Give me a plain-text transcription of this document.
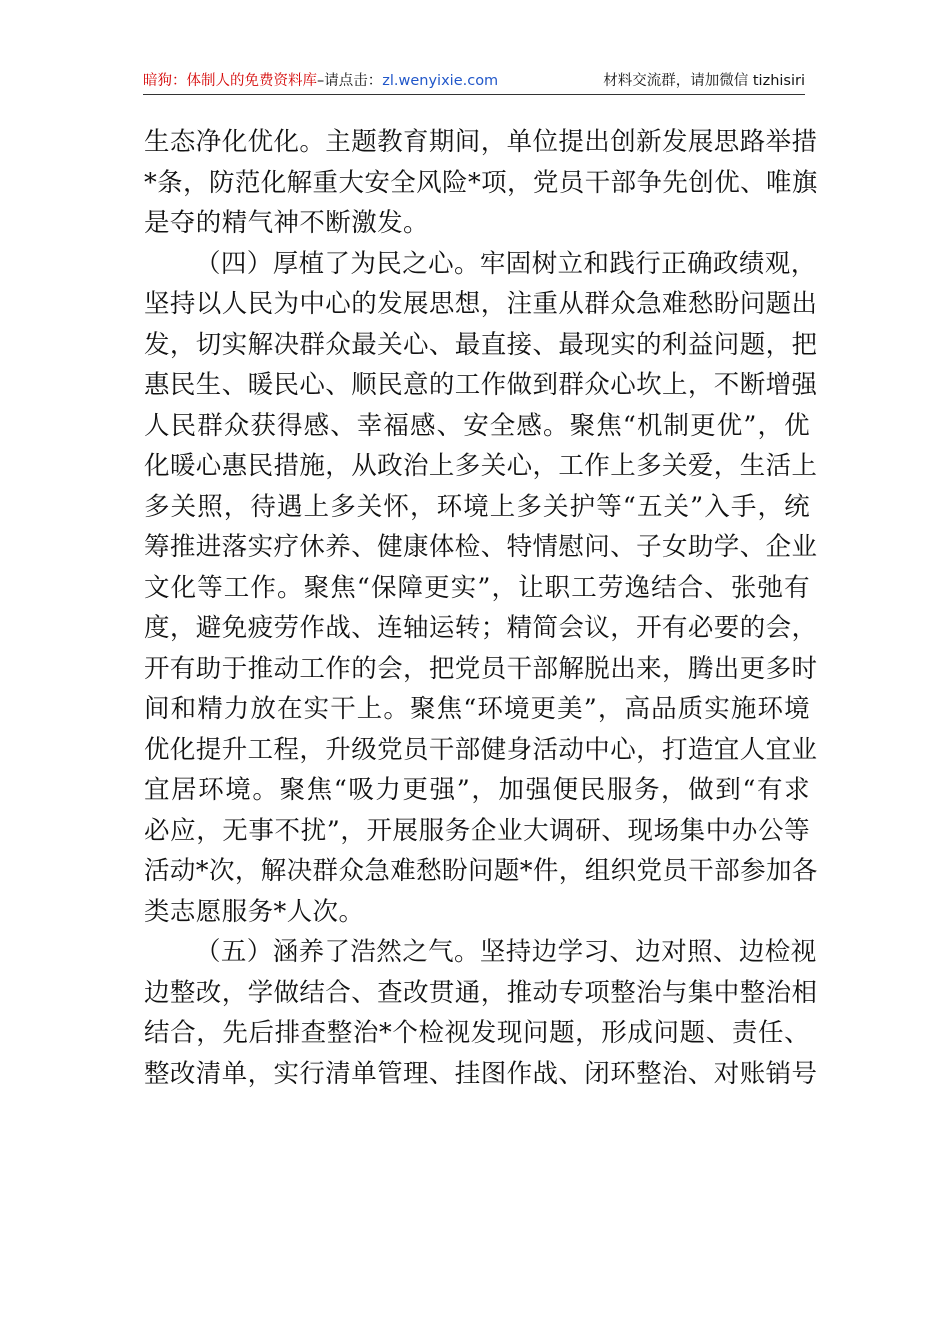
暗狗：体制人的免费资料库–请点击：zl.wenyixie.com	材料交流群，请加微信 tizhisiri
生态净化优化。主题教育期间，单位提出创新发展思路举措
*条，防范化解重大安全风险*项，党员干部争先创优、唯旗
是夺的精气神不断激发。
（四）厚植了为民之心。牢固树立和践行正确政绩观，
坚持以人民为中心的发展思想，注重从群众急难愁盼问题出
发，切实解决群众最关心、最直接、最现实的利益问题，把
惠民生、暖民心、顺民意的工作做到群众心坎上，不断增强
人民群众获得感、幸福感、安全感。聚焦“机制更优”，优
化暖心惠民措施，从政治上多关心，工作上多关爱，生活上
多关照，待遇上多关怀，环境上多关护等“五关”入手，统
筹推进落实疗休养、健康体检、特情慰问、子女助学、企业
文化等工作。聚焦“保障更实”，让职工劳逸结合、张弛有
度，避免疲劳作战、连轴运转；精简会议，开有必要的会，
开有助于推动工作的会，把党员干部解脱出来，腾出更多时
间和精力放在实干上。聚焦“环境更美”，高品质实施环境
优化提升工程，升级党员干部健身活动中心，打造宜人宜业
宜居环境。聚焦“吸力更强”，加强便民服务，做到“有求
必应，无事不扰”，开展服务企业大调研、现场集中办公等
活动*次，解决群众急难愁盼问题*件，组织党员干部参加各
类志愿服务*人次。
（五）涵养了浩然之气。坚持边学习、边对照、边检视
边整改，学做结合、查改贯通，推动专项整治与集中整治相
结合，先后排查整治*个检视发现问题，形成问题、责任、
整改清单，实行清单管理、挂图作战、闭环整治、对账销号
